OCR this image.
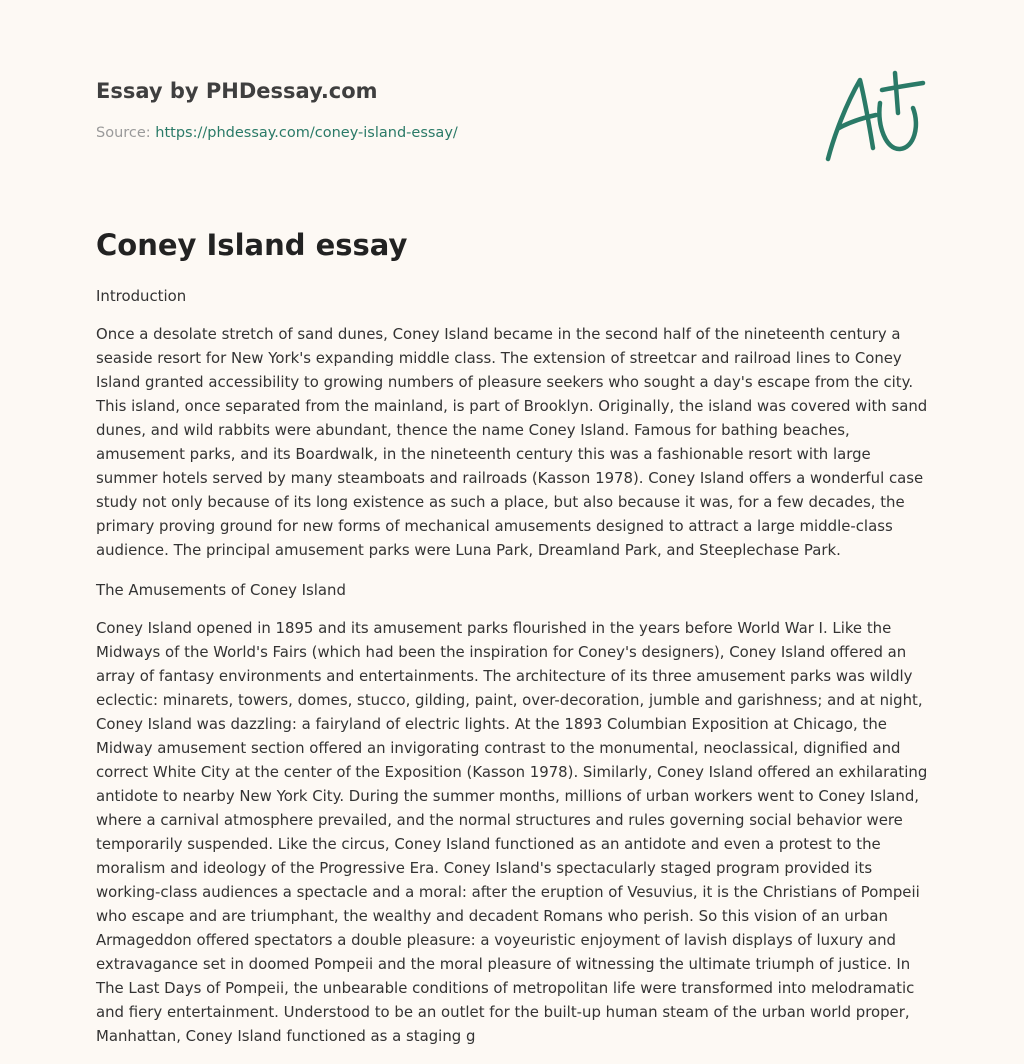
Essay by PHDessay.com
Source: https://phdessay.com/coney-island-essay/
Coney Island essay

Introduction

Once a desolate stretch of sand dunes, Coney Island became in the second half of the nineteenth century a seaside resort for New York's expanding middle class. The extension of streetcar and railroad lines to Coney Island granted accessibility to growing numbers of pleasure seekers who sought a day's escape from the city. This island, once separated from the mainland, is part of Brooklyn. Originally, the island was covered with sand dunes, and wild rabbits were abundant, thence the name Coney Island. Famous for bathing beaches, amusement parks, and its Boardwalk, in the nineteenth century this was a fashionable resort with large summer hotels served by many steamboats and railroads (Kasson 1978). Coney Island offers a wonderful case study not only because of its long existence as such a place, but also because it was, for a few decades, the primary proving ground for new forms of mechanical amusements designed to attract a large middle-class audience. The principal amusement parks were Luna Park, Dreamland Park, and Steeplechase Park.

The Amusements of Coney Island

Coney Island opened in 1895 and its amusement parks flourished in the years before World War I. Like the Midways of the World's Fairs (which had been the inspiration for Coney's designers), Coney Island offered an array of fantasy environments and entertainments. The architecture of its three amusement parks was wildly eclectic: minarets, towers, domes, stucco, gilding, paint, over-decoration, jumble and garishness; and at night, Coney Island was dazzling: a fairyland of electric lights. At the 1893 Columbian Exposition at Chicago, the Midway amusement section offered an invigorating contrast to the monumental, neoclassical, dignified and correct White City at the center of the Exposition (Kasson 1978). Similarly, Coney Island offered an exhilarating antidote to nearby New York City. During the summer months, millions of urban workers went to Coney Island, where a carnival atmosphere prevailed, and the normal structures and rules governing social behavior were temporarily suspended. Like the circus, Coney Island functioned as an antidote and even a protest to the moralism and ideology of the Progressive Era. Coney Island's spectacularly staged program provided its working-class audiences a spectacle and a moral: after the eruption of Vesuvius, it is the Christians of Pompeii who escape and are triumphant, the wealthy and decadent Romans who perish. So this vision of an urban Armageddon offered spectators a double pleasure: a voyeuristic enjoyment of lavish displays of luxury and extravagance set in doomed Pompeii and the moral pleasure of witnessing the ultimate triumph of justice. In The Last Days of Pompeii, the unbearable conditions of metropolitan life were transformed into melodramatic and fiery entertainment. Understood to be an outlet for the built-up human steam of the urban world proper, Manhattan, Coney Island functioned as a staging g
